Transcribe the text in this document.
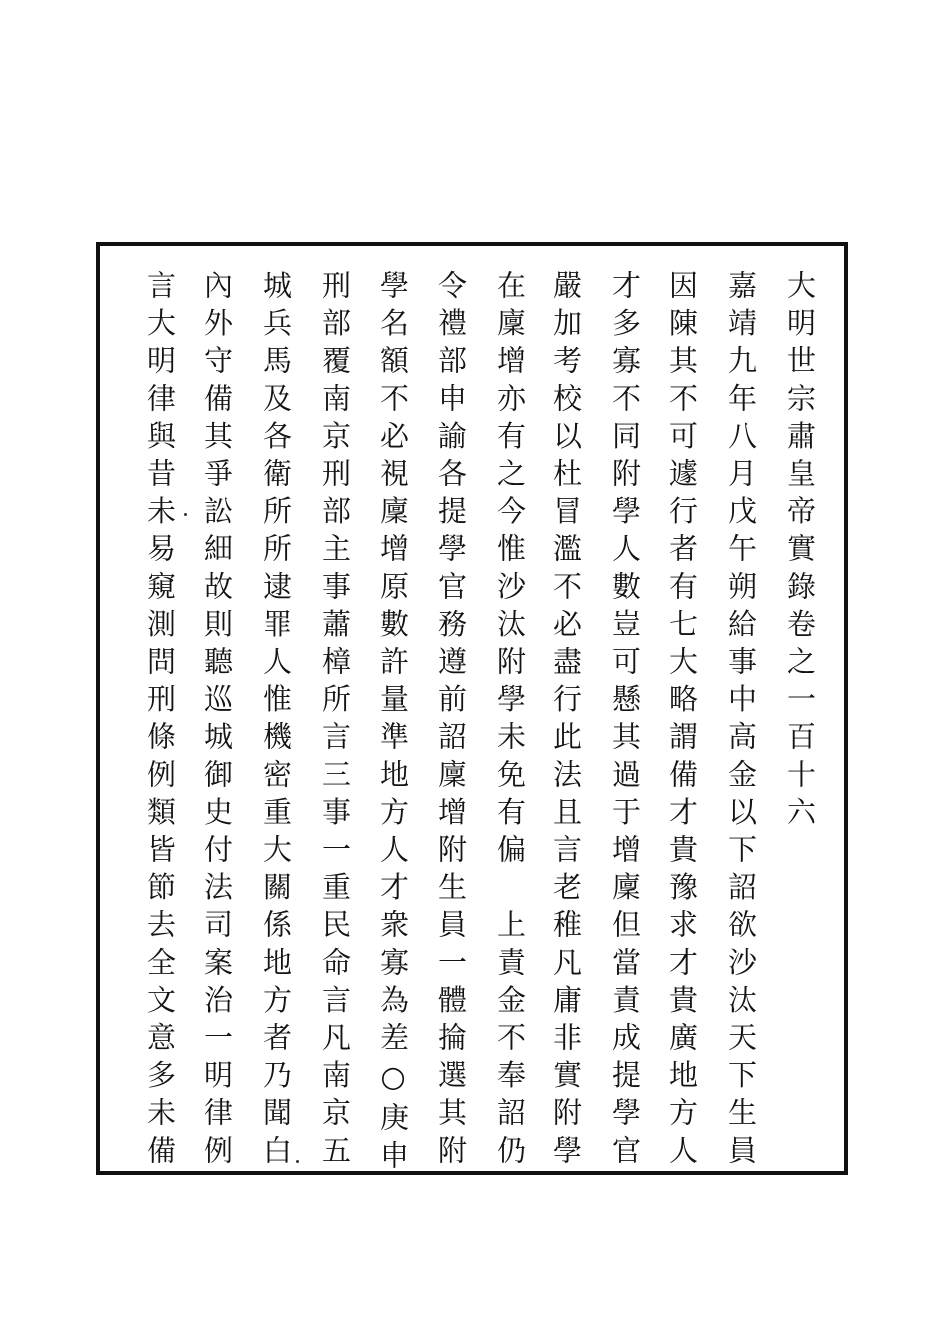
大明世宗肅皇帝實錄卷之一百十六

嘉靖九年八月戊午朔給事中高金以下詔欲沙汰天下生員

因陳其不可遽行者有七大略謂備才貴豫求才貴廣地方人

才多寡不同附學人數豈可懸其過于增廩但當責成提學官

嚴加考校以杜冒濫不必盡行此法且言老稚凡庸非實附學

在廩增亦有之今惟沙汰附學未免有偏　上責金不奉詔仍

令禮部申諭各提學官務遵前詔廩增附生員一體掄選其附

學名額不必視廩增原數許量準地方人才衆寡為差○庚申

刑部覆南京刑部主事蕭樟所言三事一重民命言凡南京五

城兵馬及各衛所所逮罪人惟機密重大關係地方者乃聞白

內外守備其爭訟細故則聽巡城御史付法司案治一明律例

言大明律與昔未易窺測問刑條例類皆節去全文意多未備
